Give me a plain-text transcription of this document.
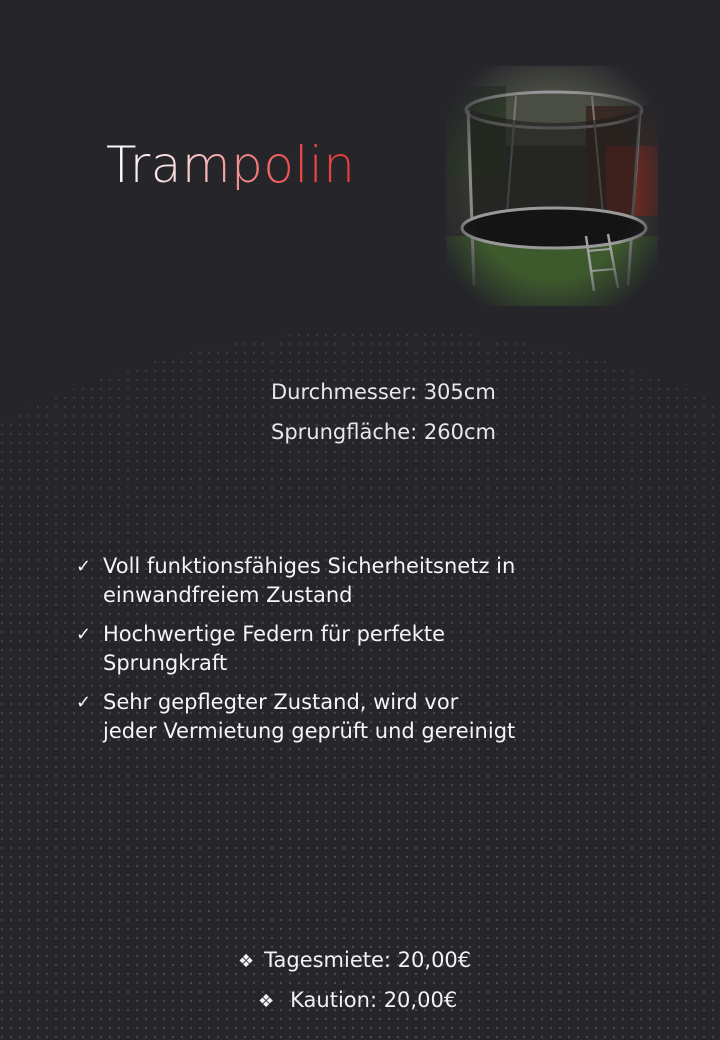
Trampolin
Durchmesser: 305cm
Sprungfläche: 260cm
✓ Voll funktionsfähiges Sicherheitsnetz in einwandfreiem Zustand
✓ Hochwertige Federn für perfekte Sprungkraft
✓ Sehr gepflegter Zustand, wird vor jeder Vermietung geprüft und gereinigt
❖ Tagesmiete: 20,00€
❖ Kaution: 20,00€
